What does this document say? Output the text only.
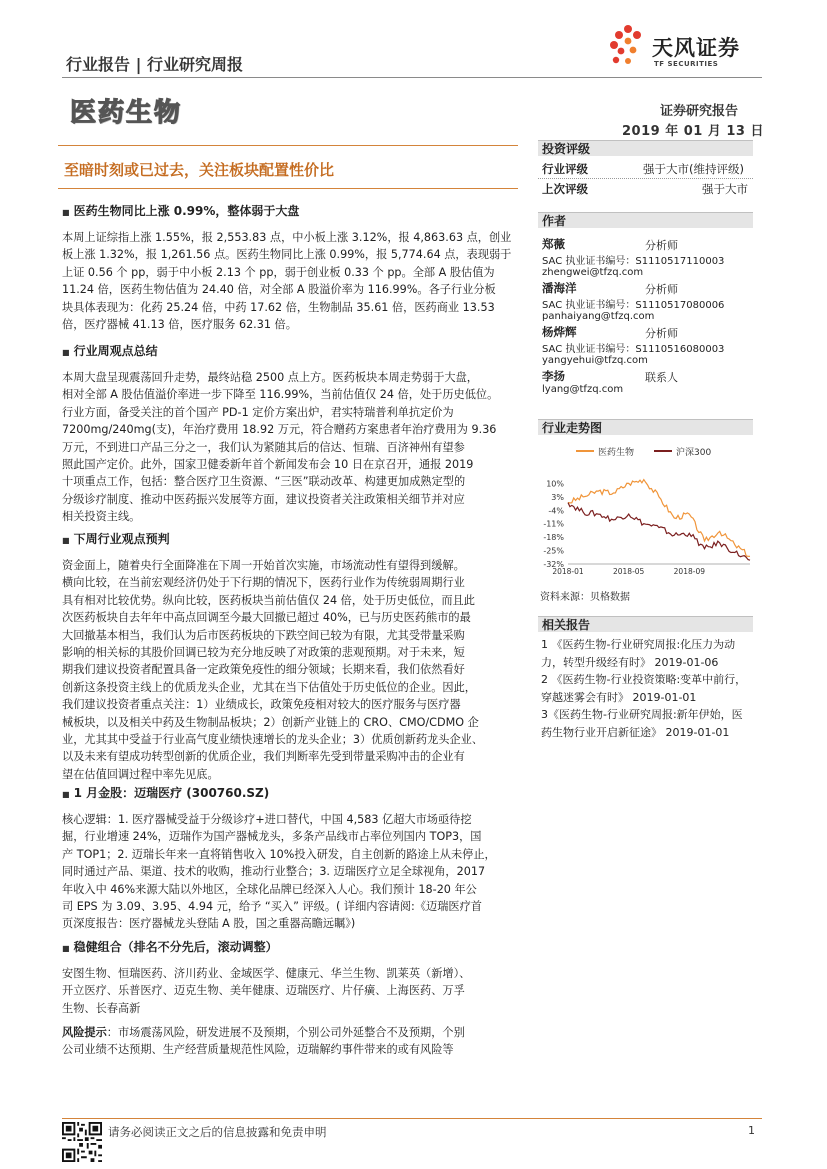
行业报告 | 行业研究周报
天风证券
TF SECURITIES
医药生物	证券研究报告
2019 年 01 月 13 日
至暗时刻或已过去，关注板块配置性价比
■ 医药生物同比上涨 0.99%，整体弱于大盘
本周上证综指上涨 1.55%，报 2,553.83 点，中小板上涨 3.12%，报 4,863.63 点，创业
板上涨 1.32%，报 1,261.56 点。医药生物同比上涨 0.99%，报 5,774.64 点，表现弱于
上证 0.56 个 pp，弱于中小板 2.13 个 pp，弱于创业板 0.33 个 pp。全部 A 股估值为
11.24 倍，医药生物估值为 24.40 倍，对全部 A 股溢价率为 116.99%。各子行业分板
块具体表现为：化药 25.24 倍，中药 17.62 倍，生物制品 35.61 倍，医药商业 13.53
倍，医疗器械 41.13 倍，医疗服务 62.31 倍。
■ 行业周观点总结
本周大盘呈现震荡回升走势，最终站稳 2500 点上方。医药板块本周走势弱于大盘，
相对全部 A 股估值溢价率进一步下降至 116.99%，当前估值仅 24 倍，处于历史低位。
行业方面，备受关注的首个国产 PD-1 定价方案出炉，君实特瑞普利单抗定价为
7200mg/240mg(支)，年治疗费用 18.92 万元，符合赠药方案患者年治疗费用为 9.36
万元，不到进口产品三分之一，我们认为紧随其后的信达、恒瑞、百济神州有望参
照此国产定价。此外，国家卫健委新年首个新闻发布会 10 日在京召开，通报 2019
十项重点工作，包括：整合医疗卫生资源、“三医”联动改革、构建更加成熟定型的
分级诊疗制度、推动中医药振兴发展等方面，建议投资者关注政策相关细节并对应
相关投资主线。
■ 下周行业观点预判
资金面上，随着央行全面降准在下周一开始首次实施，市场流动性有望得到缓解。
横向比较，在当前宏观经济仍处于下行期的情况下，医药行业作为传统弱周期行业
具有相对比较优势。纵向比较，医药板块当前估值仅 24 倍，处于历史低位，而且此
次医药板块自去年年中高点回调至今最大回撤已超过 40%，已与历史医药熊市的最
大回撤基本相当，我们认为后市医药板块的下跌空间已较为有限，尤其受带量采购
影响的相关标的其股价回调已较为充分地反映了对政策的悲观预期。对于未来，短
期我们建议投资者配置具备一定政策免疫性的细分领域；长期来看，我们依然看好
创新这条投资主线上的优质龙头企业，尤其在当下估值处于历史低位的企业。因此，
我们建议投资者重点关注：1）业绩成长，政策免疫相对较大的医疗服务与医疗器
械板块，以及相关中药及生物制品板块；2）创新产业链上的 CRO、CMO/CDMO 企
业，尤其其中受益于行业高气度业绩快速增长的龙头企业；3）优质创新药龙头企业、
以及未来有望成功转型创新的优质企业，我们判断率先受到带量采购冲击的企业有
望在估值回调过程中率先见底。
■ 1 月金股：迈瑞医疗 (300760.SZ)
核心逻辑：1. 医疗器械受益于分级诊疗+进口替代，中国 4,583 亿超大市场亟待挖
掘，行业增速 24%，迈瑞作为国产器械龙头，多条产品线市占率位列国内 TOP3，国
产 TOP1；2. 迈瑞长年来一直将销售收入 10%投入研发，自主创新的路途上从未停止，
同时通过产品、渠道、技术的收购，推动行业整合；3. 迈瑞医疗立足全球视角，2017
年收入中 46%来源大陆以外地区，全球化品牌已经深入人心。我们预计 18-20 年公
司 EPS 为 3.09、3.95、4.94 元，给予 “买入” 评级。( 详细内容请阅:《迈瑞医疗首
页深度报告：医疗器械龙头登陆 A 股，国之重器高瞻远瞩》)
■ 稳健组合（排名不分先后，滚动调整）
安图生物、恒瑞医药、济川药业、金域医学、健康元、华兰生物、凯莱英（新增）、
开立医疗、乐普医疗、迈克生物、美年健康、迈瑞医疗、片仔癀、上海医药、万孚
生物、长春高新
风险提示：市场震荡风险，研发进展不及预期，个别公司外延整合不及预期，个别
公司业绩不达预期、生产经营质量规范性风险，迈瑞解约事件带来的或有风险等
投资评级
行业评级	强于大市(维持评级)
上次评级	强于大市
作者
郑薇	分析师
SAC 执业证书编号：S1110517110003
zhengwei@tfzq.com
潘海洋	分析师
SAC 执业证书编号：S1110517080006
panhaiyang@tfzq.com
杨烨辉	分析师
SAC 执业证书编号：S1110516080003
yangyehui@tfzq.com
李扬	联系人
lyang@tfzq.com
行业走势图
医药生物	沪深300
10%
3%
-4%
-11%
-18%
-25%
-32%
2018-01	2018-05	2018-09
资料来源：贝格数据
相关报告
1 《医药生物-行业研究周报:化压力为动力，转型升级经有时》 2019-01-06
2 《医药生物-行业投资策略:变革中前行，穿越迷雾会有时》 2019-01-01
3《医药生物-行业研究周报:新年伊始，医药生物行业开启新征途》 2019-01-01
请务必阅读正文之后的信息披露和免责申明	1
